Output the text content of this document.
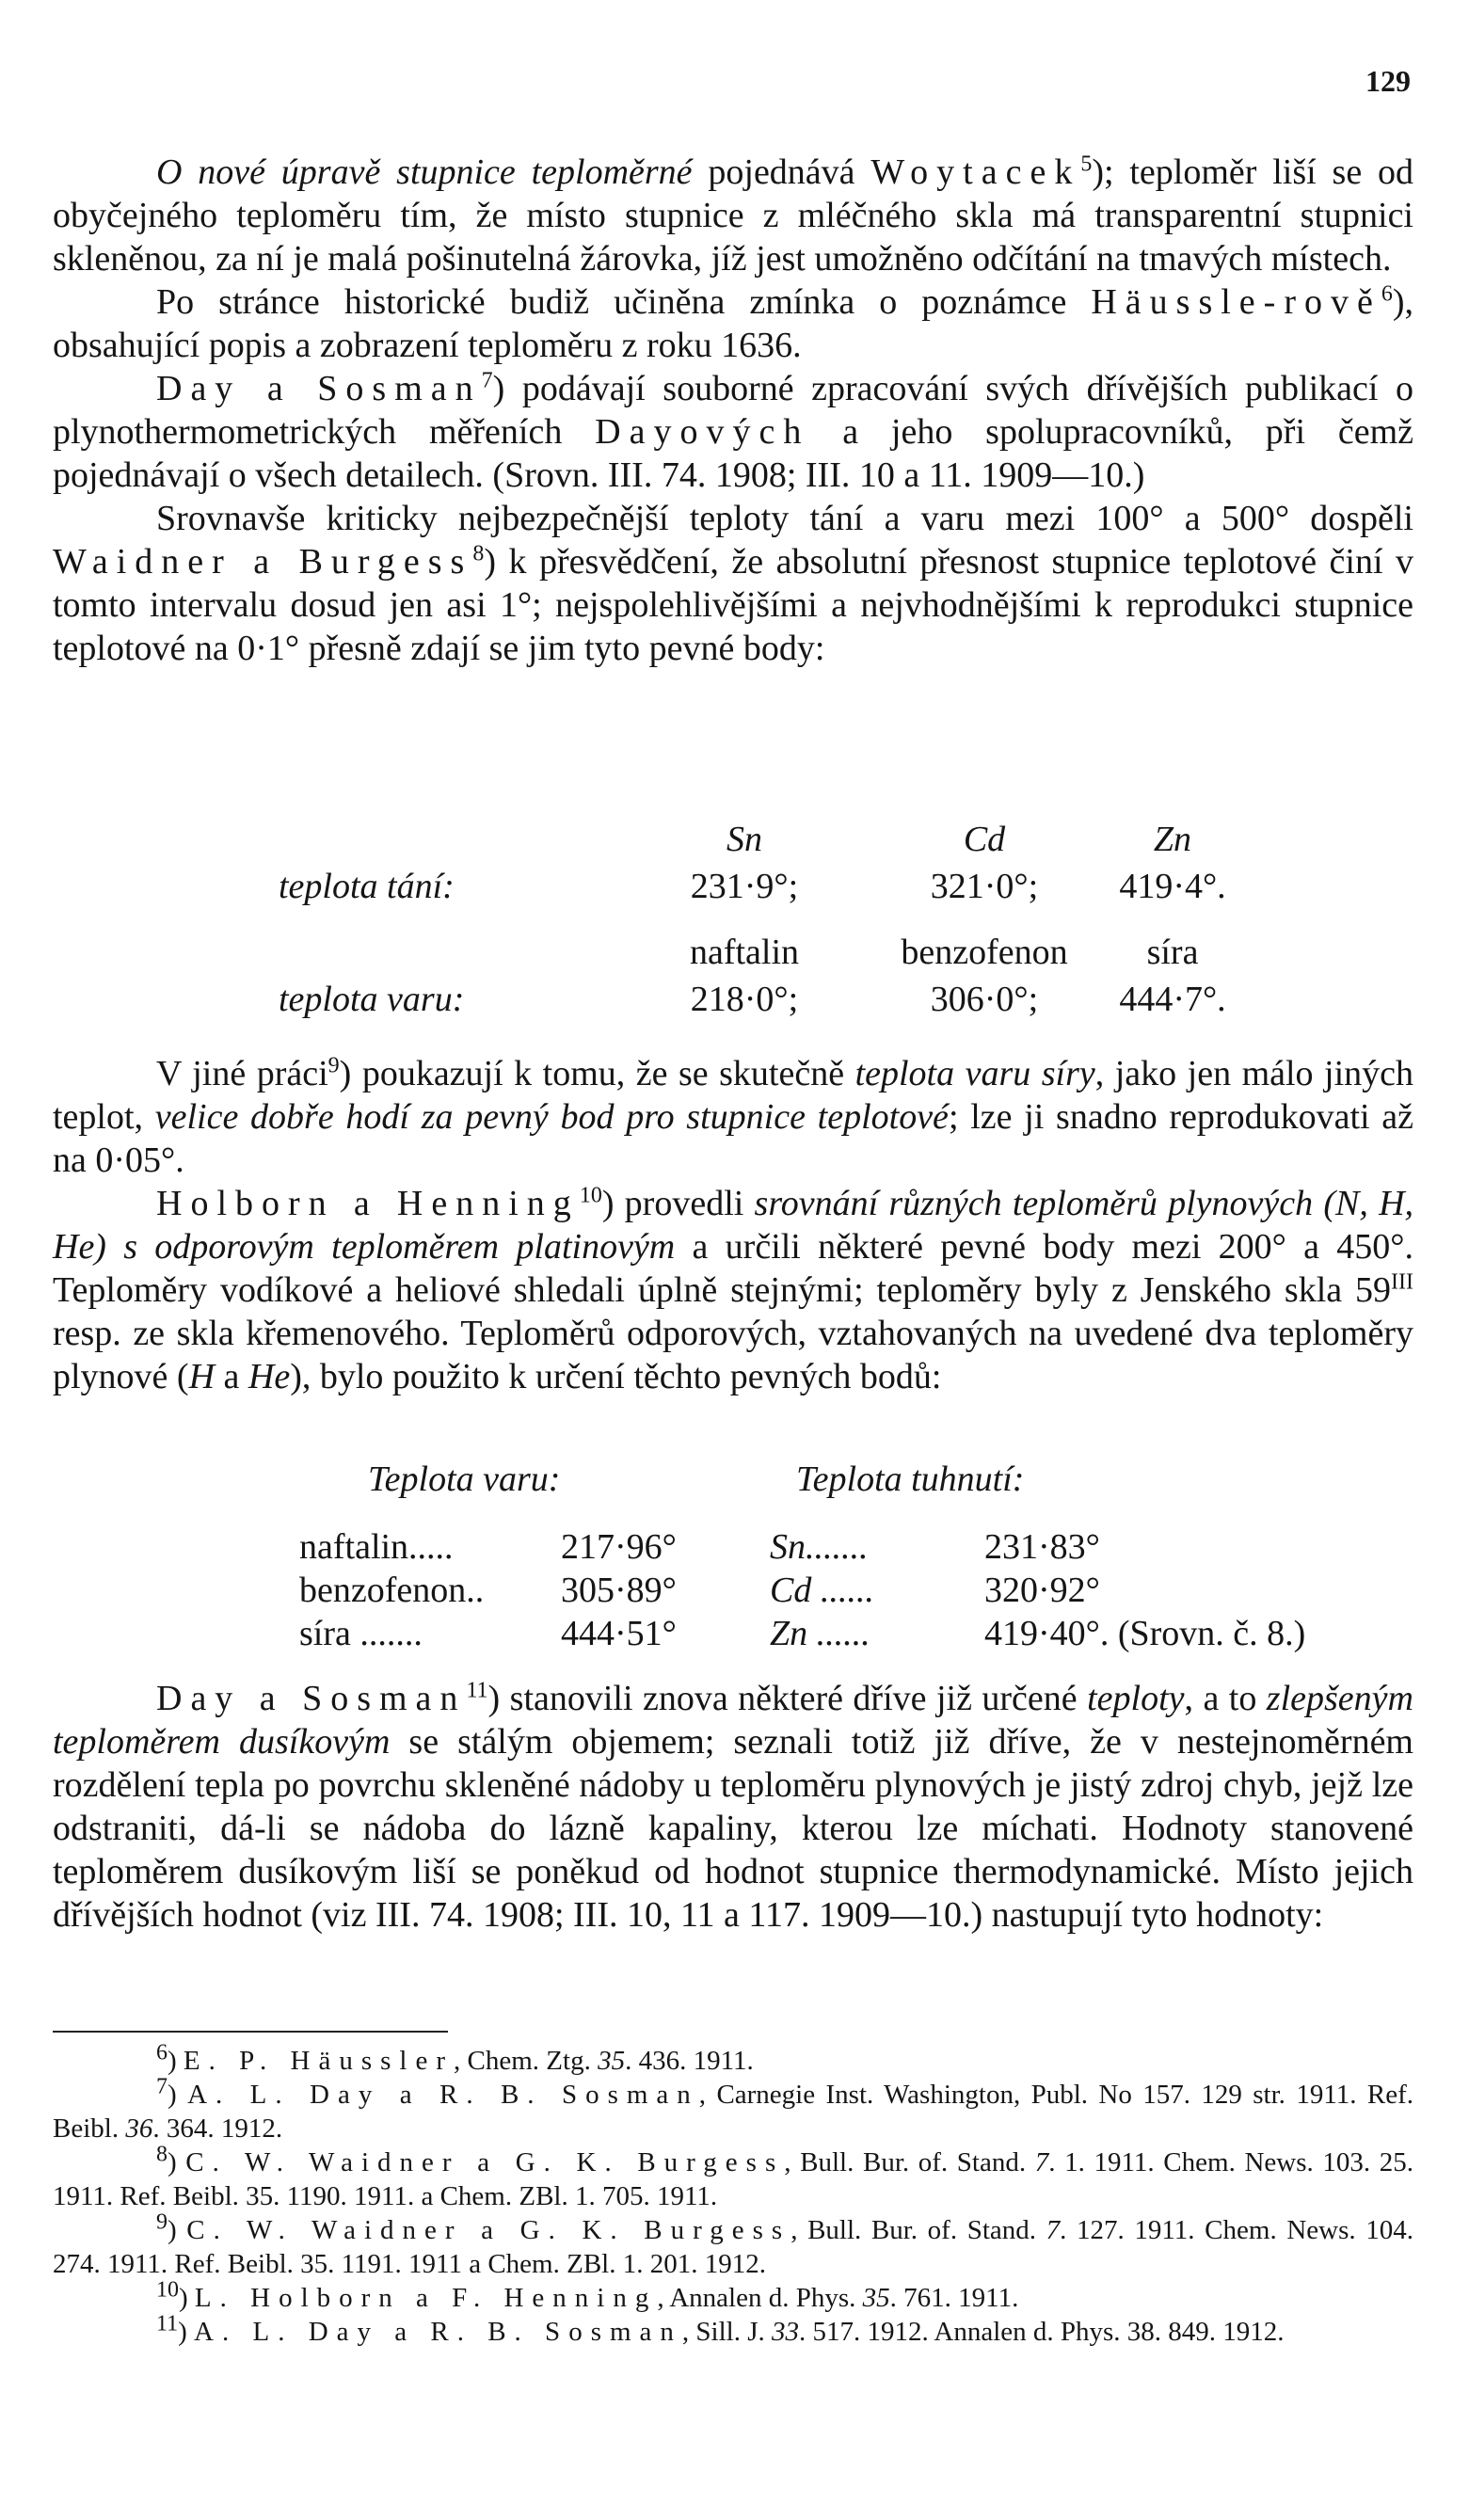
129

O nové úpravě stupnice teploměrné pojednává Woytacek$^5$); teploměr liší se od obyčejného teploměru tím, že místo stupnice z mléčného skla má transparentní stupnici skleněnou, za ní je malá pošinutelná žárovka, jíž jest umožněno odčítání na tmavých místech.

Po stránce historické budiž učiněna zmínka o poznámce Häussle-rově$^6$), obsahující popis a zobrazení teploměru z roku 1636.

Day a Sosman$^7$) podávají souborné zpracování svých dřívějších publikací o plynothermometrických měřeních Dayových a jeho spolupracovníků, při čemž pojednávají o všech detailech. (Srovn. III. 74. 1908; III. 10 a 11. 1909—10.)

Srovnavše kriticky nejbezpečnější teploty tání a varu mezi 100° a 500° dospěli Waidner a Burgess$^8$) k přesvědčení, že absolutní přesnost stupnice teplotové činí v tomto intervalu dosud jen asi 1°; nejspolehlivějšími a nejvhodnějšími k reprodukci stupnice teplotové na 0·1° přesně zdají se jim tyto pevné body:

Sn	Cd	Zn
teplota tání:	231·9°;	321·0°;	419·4°.
naftalin	benzofenon	síra
teplota varu:	218·0°;	306·0°;	444·7°.

V jiné práci$^9$) poukazují k tomu, že se skutečně teplota varu síry, jako jen málo jiných teplot, velice dobře hodí za pevný bod pro stupnice teplotové; lze ji snadno reprodukovati až na 0·05°.

Holborn a Henning$^{10}$) provedli srovnání různých teploměrů plynových (N, H, He) s odporovým teploměrem platinovým a určili některé pevné body mezi 200° a 450°. Teploměry vodíkové a heliové shledali úplně stejnými; teploměry byly z Jenského skla $59^{III}$ resp. ze skla křemenového. Teploměrů odporových, vztahovaných na uvedené dva teploměry plynové (H a He), bylo použito k určení těchto pevných bodů:

Teplota varu:	Teplota tuhnutí:
naftalin.....	217·96°	Sn.......	231·83°
benzofenon.. 305·89°	Cd ......	320·92°
síra .......	444·51°	Zn ......	419·40°. (Srovn. č. 8.)

Day a Sosman$^{11}$) stanovili znova některé dříve již určené teploty, a to zlepšeným teploměrem dusíkovým se stálým objemem; seznali totiž již dříve, že v nestejnoměrném rozdělení tepla po povrchu skleněné nádoby u teploměru plynových je jistý zdroj chyb, jejž lze odstraniti, dá-li se nádoba do lázně kapaliny, kterou lze míchati. Hodnoty stanovené teploměrem dusíkovým liší se poněkud od hodnot stupnice thermodynamické. Místo jejich dřívějších hodnot (viz III. 74. 1908; III. 10, 11 a 117. 1909—10.) nastupují tyto hodnoty:

$^6$) E. P. Häussler, Chem. Ztg. 35. 436. 1911.

$^7$) A. L. Day a R. B. Sosman, Carnegie Inst. Washington, Publ. No 157. 129 str. 1911. Ref. Beibl. 36. 364. 1912.

$^8$) C. W. Waidner a G. K. Burgess, Bull. Bur. of. Stand. 7. 1. 1911. Chem. News. 103. 25. 1911. Ref. Beibl. 35. 1190. 1911. a Chem. ZBl. 1. 705. 1911.

$^9$) C. W. Waidner a G. K. Burgess, Bull. Bur. of. Stand. 7. 127. 1911. Chem. News. 104. 274. 1911. Ref. Beibl. 35. 1191. 1911 a Chem. ZBl. 1. 201. 1912.

$^{10}$) L. Holborn a F. Henning, Annalen d. Phys. 35. 761. 1911.

$^{11}$) A. L. Day a R. B. Sosman, Sill. J. 33. 517. 1912. Annalen d. Phys. 38. 849. 1912.
